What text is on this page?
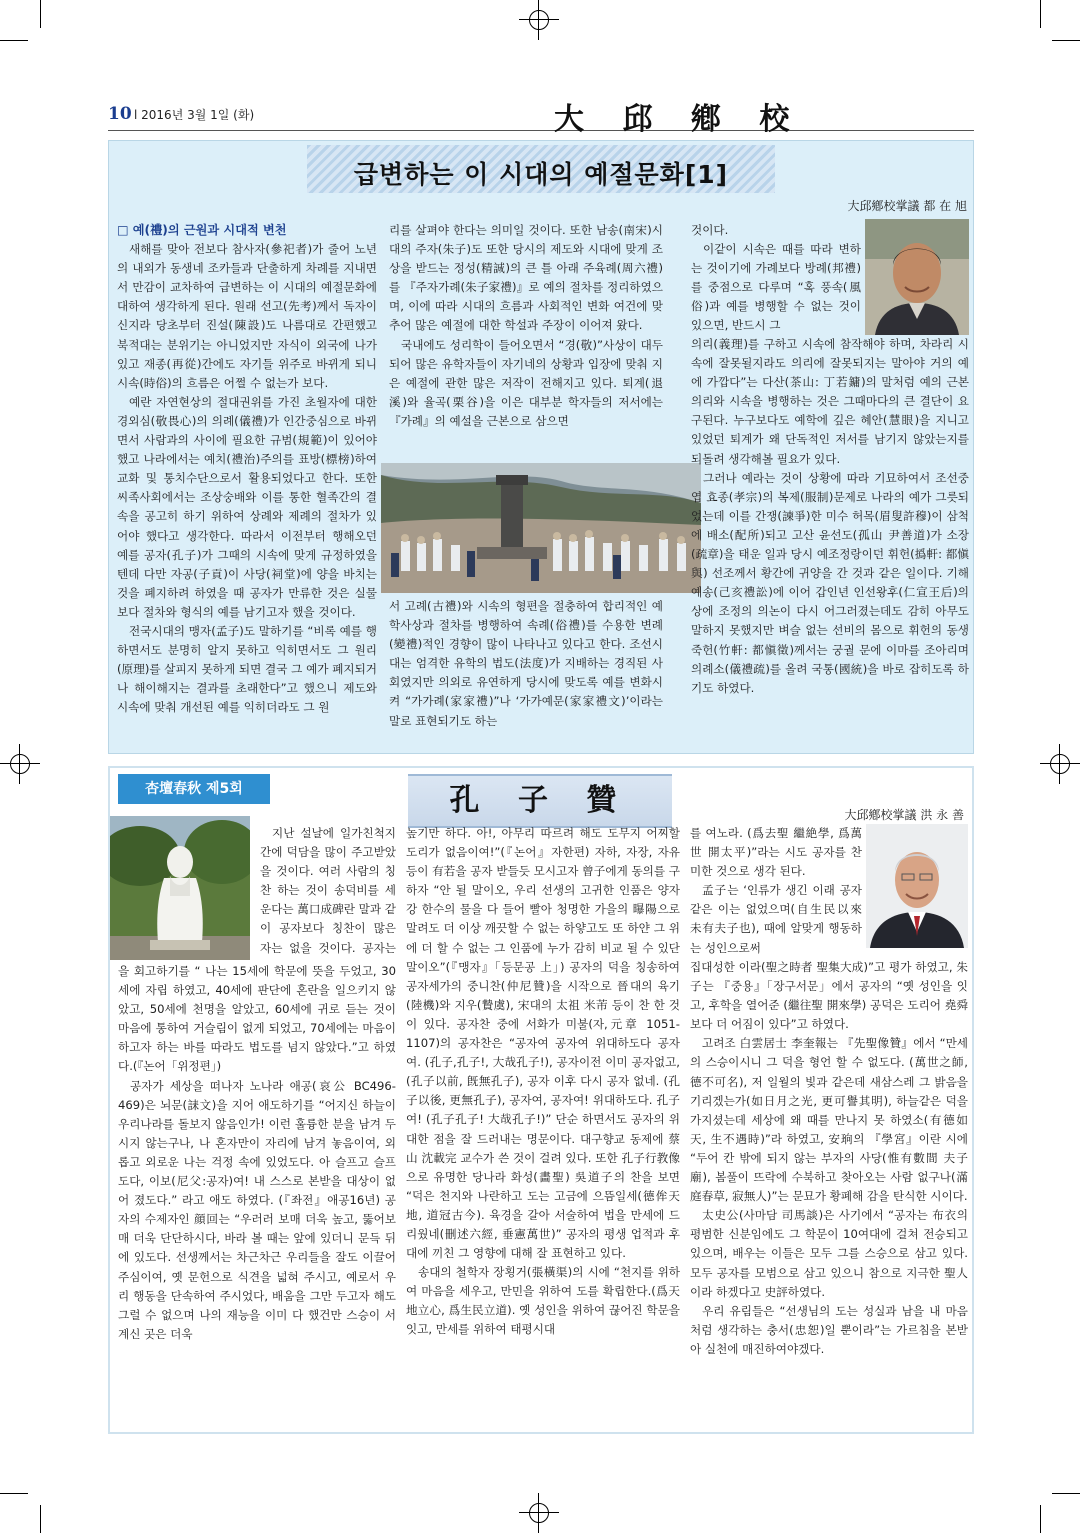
10 l 2016년 3월 1일 (화)	大 邱 鄕 校
급변하는 이 시대의 예절문화[1]
大邱鄕校掌議 都 在 旭

□ 예(禮)의 근원과 시대적 변천

새해를 맞아 전보다 참사자(參祀者)가 줄어 노년의 내외가 동생네 조카들과 단출하게 차례를 지내면서 만감이 교차하여 급변하는 이 시대의 예절문화에 대하여 생각하게 된다. 원래 선고(先考)께서 독자이신지라 당초부터 진설(陳設)도 나름대로 간편했고 북적대는 분위기는 아니었지만 자식이 외국에 나가있고 재종(再從)간에도 자기들 위주로 바뀌게 되니 시속(時俗)의 흐름은 어쩔 수 없는가 보다.

예란 자연현상의 절대권위를 가진 초월자에 대한 경외심(敬畏心)의 의례(儀禮)가 인간중심으로 바뀌면서 사람과의 사이에 필요한 규범(規範)이 있어야 했고 나라에서는 예치(禮治)주의를 표방(標榜)하여 교화 및 통치수단으로서 활용되었다고 한다. 또한 씨족사회에서는 조상숭배와 이를 통한 혈족간의 결속을 공고히 하기 위하여 상례와 제례의 절차가 있어야 했다고 생각한다. 따라서 이전부터 행해오던 예를 공자(孔子)가 그때의 시속에 맞게 규정하였을 텐데 다만 자공(子貢)이 사당(祠堂)에 양을 바치는 것을 폐지하려 하였을 때 공자가 만류한 것은 실물보다 절차와 형식의 예를 남기고자 했을 것이다.

전국시대의 맹자(孟子)도 말하기를 “비록 예를 행하면서도 분명히 알지 못하고 익히면서도 그 원리(原理)를 살피지 못하게 되면 결국 그 예가 폐지되거나 해이해지는 결과를 초래한다”고 했으니 제도와 시속에 맞춰 개선된 예를 익히더라도 그 원

리를 살펴야 한다는 의미일 것이다. 또한 남송(南宋)시대의 주자(朱子)도 또한 당시의 제도와 시대에 맞게 조상을 받드는 정성(精誠)의 큰 틀 아래 주육례(周六禮)를 『주자가례(朱子家禮)』로 예의 절차를 정리하였으며, 이에 따라 시대의 흐름과 사회적인 변화 여건에 맞추어 많은 예절에 대한 학설과 주장이 이어져 왔다.

국내에도 성리학이 들어오면서 “경(敬)”사상이 대두되어 많은 유학자들이 자기네의 상황과 입장에 맞춰 지은 예절에 관한 많은 저작이 전해지고 있다. 퇴계(退溪)와 율곡(栗谷)을 이은 대부분 학자들의 저서에는 『가례』의 예설을 근본으로 삼으면

서 고례(古禮)와 시속의 형편을 절충하여 합리적인 예학사상과 절차를 병행하여 속례(俗禮)를 수용한 변례(變禮)적인 경향이 많이 나타나고 있다고 한다. 조선시대는 엄격한 유학의 법도(法度)가 지배하는 경직된 사회였지만 의외로 유연하게 당시에 맞도록 예를 변화시켜 “가가례(家家禮)”나 ‘가가예문(家家禮文)’이라는 말로 표현되기도 하는

것이다.

이같이 시속은 때를 따라 변하는 것이기에 가례보다 방례(邦禮)를 중점으로 다루며 “혹 풍속(風俗)과 예를 병행할 수 없는 것이 있으면, 반드시 그

의리(義理)를 구하고 시속에 참작해야 하며, 차라리 시속에 잘못될지라도 의리에 잘못되지는 말아야 거의 예에 가깝다”는 다산(茶山: 丁若鏞)의 말처럼 예의 근본 의리와 시속을 병행하는 것은 그때마다의 큰 결단이 요구된다. 누구보다도 예학에 깊은 혜안(慧眼)을 지니고 있었던 퇴계가 왜 단독적인 저서를 남기지 않았는지를 되돌려 생각해볼 필요가 있다.

그러나 예라는 것이 상황에 따라 기묘하여서 조선중엽 효종(孝宗)의 복제(服制)문제로 나라의 예가 그릇되었는데 이를 간쟁(諫爭)한 미수 허목(眉叟許穆)이 삼척에 배소(配所)되고 고산 윤선도(孤山 尹善道)가 소장(疏章)을 태운 일과 당시 예조정랑이던 휘헌(撝軒: 都愼與) 선조께서 황간에 귀양을 간 것과 같은 일이다. 기해예송(己亥禮訟)에 이어 갑인년 인선왕후(仁宣王后)의 상에 조정의 의논이 다시 어그러졌는데도 감히 아무도 말하지 못했지만 벼슬 없는 선비의 몸으로 휘헌의 동생 죽헌(竹軒: 都愼徵)께서는 궁궐 문에 이마를 조아리며 의례소(儀禮疏)를 올려 국통(國統)을 바로 잡히도록 하기도 하였다.

杏壇春秋 제5회	孔 子 贊	大邱鄕校掌議 洪 永 善

지난 설날에 일가친척지간에 덕담을 많이 주고받았을 것이다. 여러 사람의 칭찬 하는 것이 송덕비를 세운다는 萬口成碑란 말과 같이 공자보다 칭찬이 많은 자는 없을 것이다. 공자는

을 회고하기를 “ 나는 15세에 학문에 뜻을 두었고, 30세에 자립 하였고, 40세에 판단에 혼란을 일으키지 않았고, 50세에 천명을 알았고, 60세에 귀로 듣는 것이 마음에 통하여 거슬림이 없게 되었고, 70세에는 마음이 하고자 하는 바를 따라도 법도를 넘지 않았다.”고 하였다.(『논어「위정편」)

공자가 세상을 떠나자 노나라 애공(哀公 BC496-469)은 뇌문(誄文)을 지어 애도하기를 “어지신 하늘이 우리나라를 돌보지 않음인가! 이런 훌륭한 분을 남겨 두시지 않는구나, 나 혼자만이 자리에 남겨 놓음이여, 외롭고 외로운 나는 걱정 속에 있었도다. 아 슬프고 슬프도다, 이보(尼父:공자)여! 내 스스로 본받을 대상이 없어 졌도다.” 라고 애도 하였다. (『좌전』애공16년) 공자의 수제자인 顔回는 “우러러 보매 더욱 높고, 뚫어보매 더욱 단단하시다, 바라 볼 때는 앞에 있더니 문득 뒤에 있도다. 선생께서는 차근차근 우리들을 잘도 이끌어 주심이여, 옛 문헌으로 식견을 넓혀 주시고, 예로서 우리 행동을 단속하여 주시었다, 배움을 그만 두고자 해도 그럴 수 없으며 나의 재능을 이미 다 했건만 스승이 서 계신 곳은 더욱

높기만 하다. 아!, 아무리 따르려 해도 도무지 어찌할 도리가 없음이여!”(『논어』자한편) 자하, 자장, 자유 등이 有若을 공자 받들듯 모시고자 曾子에게 동의를 구하자 “안 될 말이오, 우리 선생의 고귀한 인품은 양자강 한수의 물을 다 들어 빨아 청명한 가을의 曝陽으로 말려도 더 이상 깨끗할 수 없는 하얗고도 또 하얀 그 위에 더 할 수 없는 그 인품에 누가 감히 비교 될 수 있단 말이오”(『맹자』「등문공 上」) 공자의 덕을 칭송하여 공자세가의 중니찬(仲尼贊)을 시작으로 晉대의 육기(陸機)와 지우(贄虞), 宋대의 太祖 米芾 등이 찬 한 것이 있다. 공자찬 중에 서화가 미불(자,元章 1051-1107)의 공자찬은 “공자여 공자여 위대하도다 공자여. (孔子,孔子!, 大哉孔子!), 공자이전 이미 공자없고,(孔子以前, 旣無孔子), 공자 이후 다시 공자 없네. (孔子以後, 更無孔子), 공자여, 공자여! 위대하도다. 孔子여! (孔子孔子! 大哉孔子!)” 단순 하면서도 공자의 위대한 점을 잘 드러내는 명문이다. 대구향교 동제에 蔡山 沈載完 교수가 쓴 것이 걸려 있다. 또한 孔子行教像으로 유명한 당나라 화성(畵聖) 吳道子의 찬을 보면 “덕은 천지와 나란하고 도는 고금에 으뜸일세(德侔天地, 道冠古今). 육경을 갈아 서술하여 법을 만세에 드리웠네(刪述六經, 垂憲萬世)” 공자의 평생 업적과 후대에 끼친 그 영향에 대해 잘 표현하고 있다.

송대의 철학자 장횡거(張橫渠)의 시에 “천지를 위하여 마음을 세우고, 만민을 위하여 도를 확립한다.(爲天地立心, 爲生民立道). 옛 성인을 위하여 끊어진 학문을 잇고, 만세를 위하여 태평시대

를 여노라. (爲去聖 繼絶學, 爲萬世 開太平)”라는 시도 공자를 찬미한 것으로 생각 된다.

孟子는 ‘인류가 생긴 이래 공자 같은 이는 없었으며(自生民以來 未有夫子也), 때에 알맞게 행동하는 성인으로써

집대성한 이라(聖之時者 聖集大成)”고 평가 하였고, 朱子는 『중용』「장구서문」에서 공자의 “옛 성인을 잇고, 후학을 열어준 (繼往聖 開來學) 공덕은 도리어 堯舜 보다 더 어짐이 있다”고 하였다.

고려조 白雲居士 李奎報는 『先聖像贊』에서 “만세의 스승이시니 그 덕을 형언 할 수 없도다. (萬世之師, 德不可名), 저 일월의 빛과 같은데 새삼스레 그 밝음을 기리겠는가(如日月之光, 更可譽其明), 하늘같은 덕을 가지셨는데 세상에 왜 때를 만나지 못 하였소(有德如天, 生不遇時)”라 하였고, 安珦의 『學宮』이란 시에 “두어 칸 밖에 되지 않는 부자의 사당(惟有數間 夫子廟), 봄풀이 뜨락에 수북하고 찾아오는 사람 없구나(滿庭春草, 寂無人)”는 문묘가 황폐해 감을 탄식한 시이다.

太史公(사마담 司馬談)은 사기에서 “공자는 布衣의 평범한 신분임에도 그 학문이 10여대에 걸쳐 전승되고 있으며, 배우는 이들은 모두 그를 스승으로 삼고 있다. 모두 공자를 모범으로 삼고 있으니 참으로 지극한 聖人이라 하겠다고 史評하였다.

우리 유림들은 “선생님의 도는 성실과 남을 내 마음처럼 생각하는 충서(忠恕)일 뿐이라”는 가르침을 본받아 실천에 매진하여야겠다.
